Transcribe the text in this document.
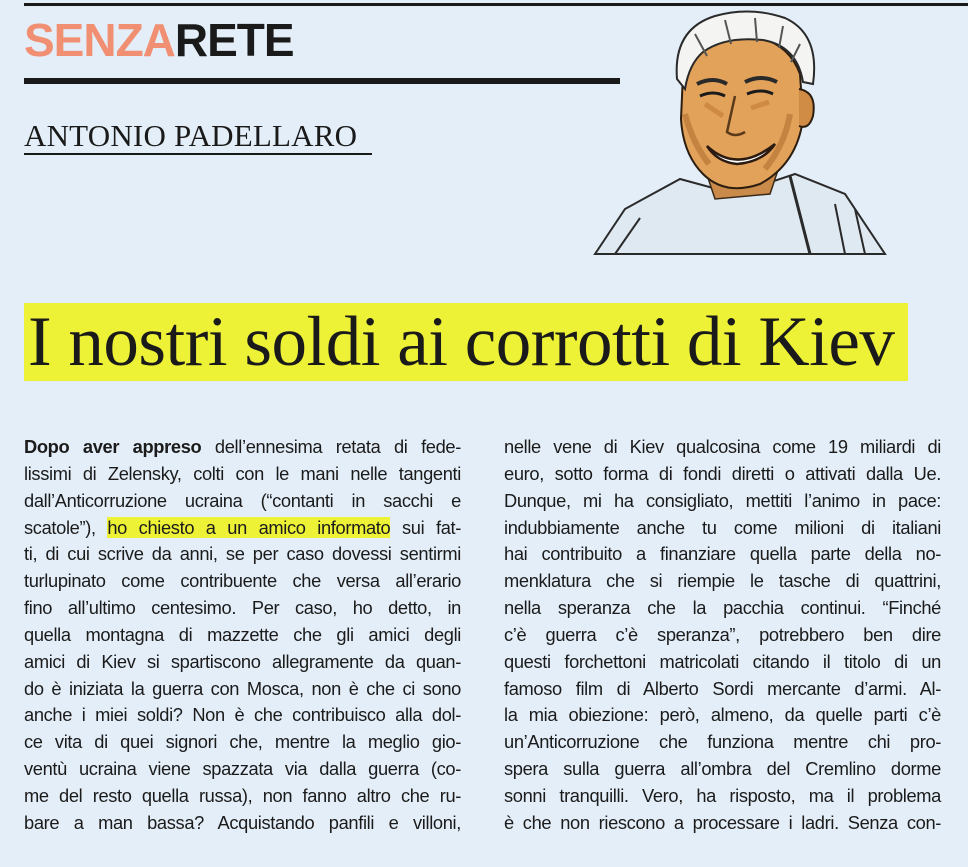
SENZARETE
ANTONIO PADELLARO
I nostri soldi ai corrotti di Kiev
Dopo aver appreso dell’ennesima retata di fede-
lissimi di Zelensky, colti con le mani nelle tangenti
dall’Anticorruzione ucraina (“contanti in sacchi e
scatole”), ho chiesto a un amico informato sui fat-
ti, di cui scrive da anni, se per caso dovessi sentirmi
turlupinato come contribuente che versa all’erario
fino all’ultimo centesimo. Per caso, ho detto, in
quella montagna di mazzette che gli amici degli
amici di Kiev si spartiscono allegramente da quan-
do è iniziata la guerra con Mosca, non è che ci sono
anche i miei soldi? Non è che contribuisco alla dol-
ce vita di quei signori che, mentre la meglio gio-
ventù ucraina viene spazzata via dalla guerra (co-
me del resto quella russa), non fanno altro che ru-
bare a man bassa? Acquistando panfili e villoni,
nelle vene di Kiev qualcosina come 19 miliardi di
euro, sotto forma di fondi diretti o attivati dalla Ue.
Dunque, mi ha consigliato, mettiti l’animo in pace:
indubbiamente anche tu come milioni di italiani
hai contribuito a finanziare quella parte della no-
menklatura che si riempie le tasche di quattrini,
nella speranza che la pacchia continui. “Finché
c’è guerra c’è speranza”, potrebbero ben dire
questi forchettoni matricolati citando il titolo di un
famoso film di Alberto Sordi mercante d’armi. Al-
la mia obiezione: però, almeno, da quelle parti c’è
un’Anticorruzione che funziona mentre chi pro-
spera sulla guerra all’ombra del Cremlino dorme
sonni tranquilli. Vero, ha risposto, ma il problema
è che non riescono a processare i ladri. Senza con-
